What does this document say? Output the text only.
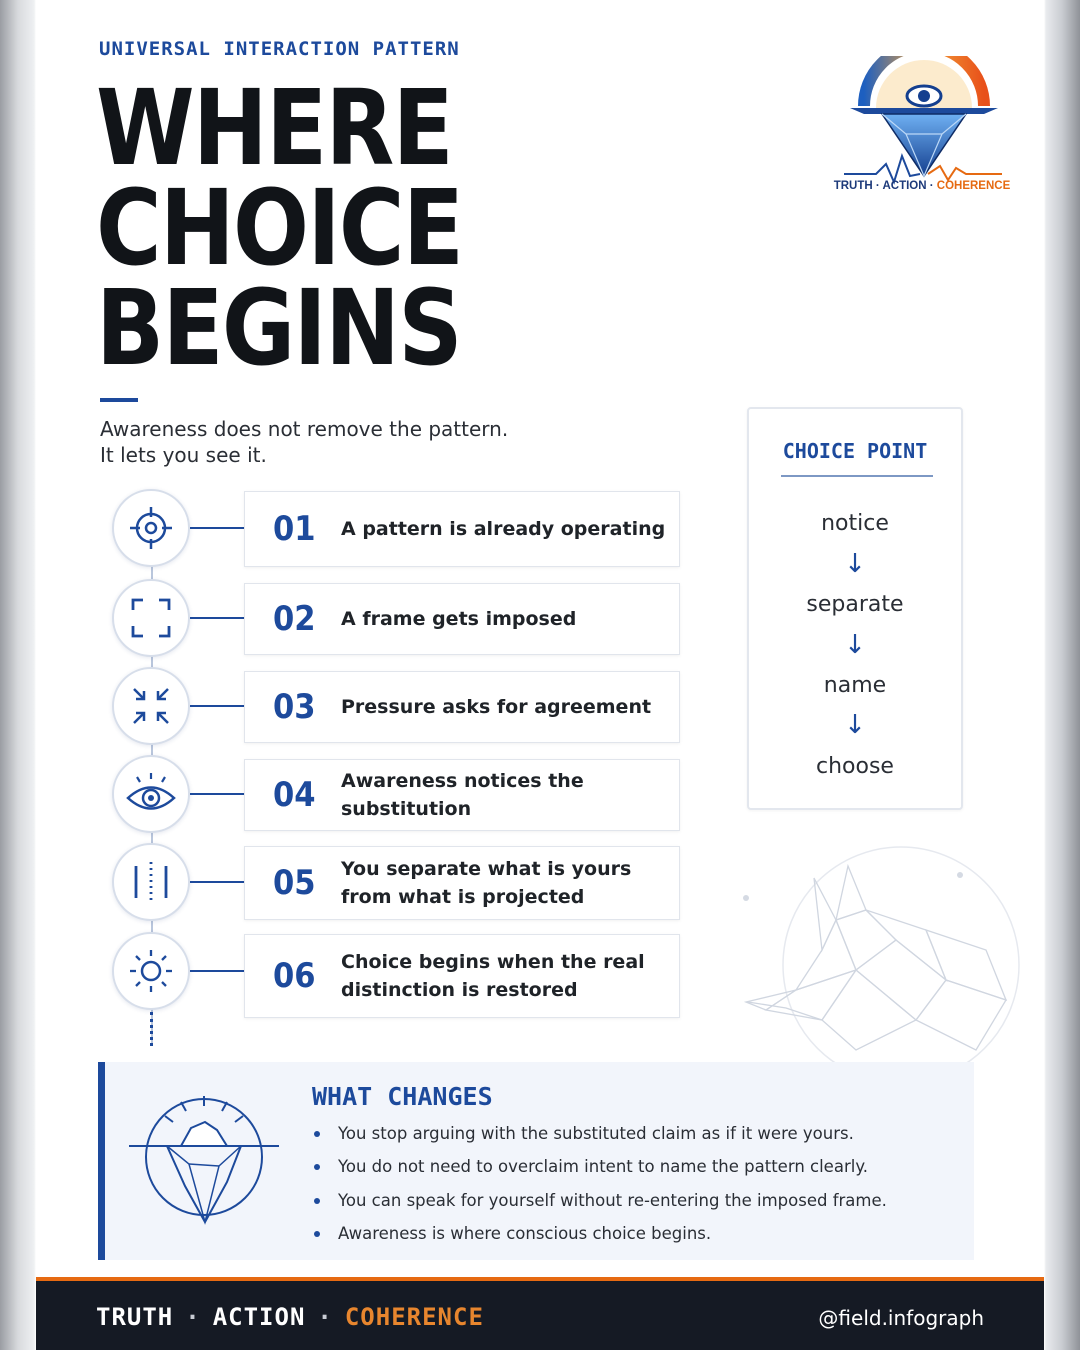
UNIVERSAL INTERACTION PATTERN
WHERE
CHOICE
BEGINS
Awareness does not remove the pattern.
It lets you see it.
TRUTH · ACTION · COHERENCE
01 A pattern is already operating
02 A frame gets imposed
03 Pressure asks for agreement
04 Awareness notices the substitution
05 You separate what is yours
from what is projected
06 Choice begins when the real
distinction is restored
CHOICE POINT
notice
↓
separate
↓
name
↓
choose
WHAT CHANGES
You stop arguing with the substituted claim as if it were yours.
You do not need to overclaim intent to name the pattern clearly.
You can speak for yourself without re-entering the imposed frame.
Awareness is where conscious choice begins.
TRUTH · ACTION · COHERENCE	@field.infograph
